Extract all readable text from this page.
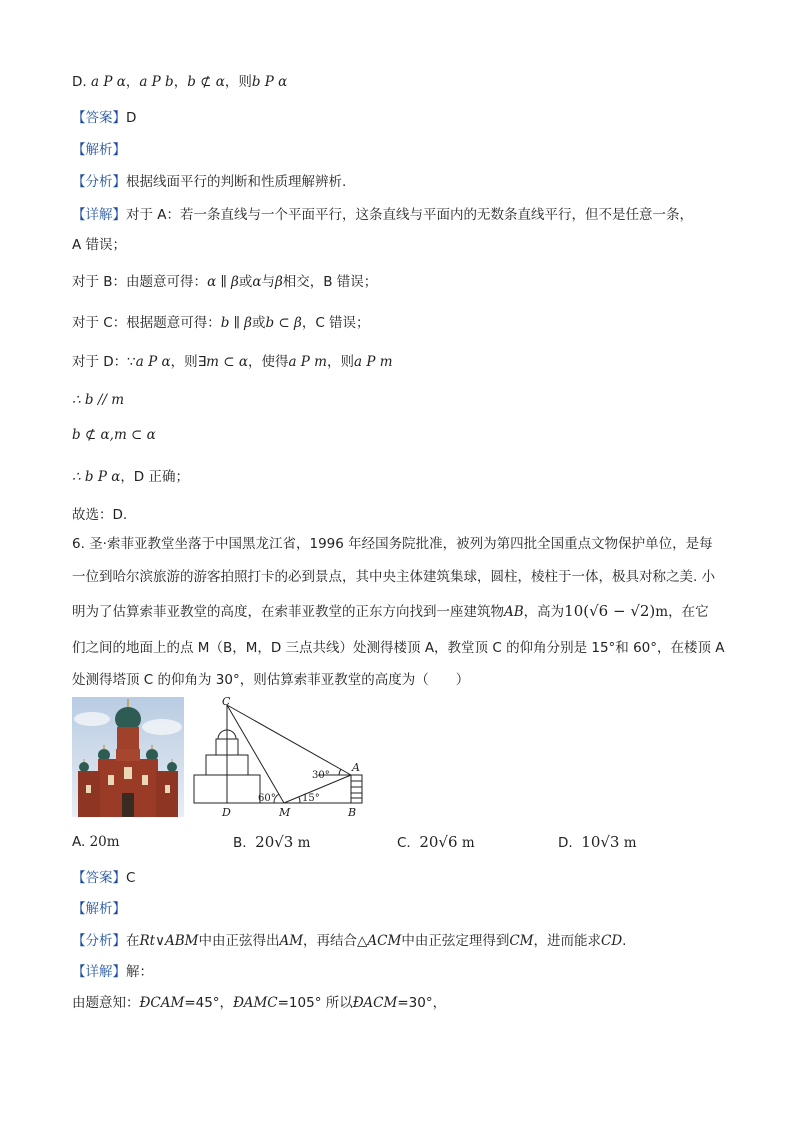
D. a P α，a P b，b ⊄ α，则b P α
【答案】D
【解析】
【分析】根据线面平行的判断和性质理解辨析.
【详解】对于 A：若一条直线与一个平面平行，这条直线与平面内的无数条直线平行，但不是任意一条，
A 错误；
对于 B：由题意可得：α ∥ β或α与β相交，B 错误；
对于 C：根据题意可得：b ∥ β或b ⊂ β，C 错误；
对于 D：∵a P α，则∃m ⊂ α，使得a P m，则a P m
∴ b // m
b ⊄ α,m ⊂ α
∴ b P α，D 正确；
故选：D.
6. 圣·索菲亚教堂坐落于中国黑龙江省，1996 年经国务院批准，被列为第四批全国重点文物保护单位，是每
一位到哈尔滨旅游的游客拍照打卡的必到景点，其中央主体建筑集球，圆柱，棱柱于一体，极具对称之美. 小
明为了估算索菲亚教堂的高度，在索菲亚教堂的正东方向找到一座建筑物AB，高为10(√6 − √2)m，在它
们之间的地面上的点 M（B，M，D 三点共线）处测得楼顶 A，教堂顶 C 的仰角分别是 15°和 60°，在楼顶 A
处测得塔顶 C 的仰角为 30°，则估算索菲亚教堂的高度为（　　）
C
A
D	M	B
30°
60°	15°
A. 20m	B. 20√3 m	C. 20√6 m	D. 10√3 m
【答案】C
【解析】
【分析】在Rt∨ABM中由正弦得出AM，再结合△ACM中由正弦定理得到CM，进而能求CD.
【详解】解：
由题意知：ÐCAM=45°，ÐAMC=105° 所以ÐACM=30°，
